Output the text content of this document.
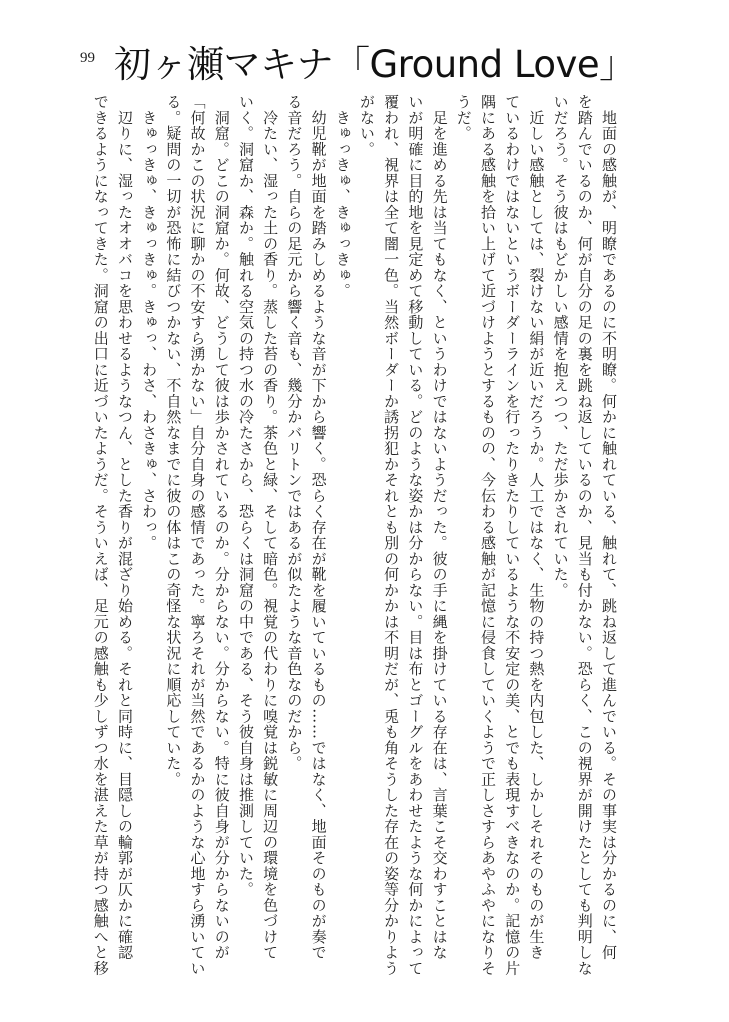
99 初ヶ瀬マキナ「Ground Love」
　地面の感触が、明瞭であるのに不明瞭。何かに触れている、触れて、跳ね返して進んでいる。その事実は分かるのに、何
を踏んでいるのか、何が自分の足の裏を跳ね返しているのか、見当も付かない。恐らく、この視界が開けたとしても判明しな
いだろう。そう彼はもどかしい感情を抱えつつ、ただ歩かされていた。
　近しい感触としては、裂けない絹が近いだろうか。人工ではなく、生物の持つ熱を内包した、しかしそれそのものが生き
ているわけではないというボーダーラインを行ったりきたりしているような不安定の美、とでも表現すべきなのか。記憶の片
隅にある感触を拾い上げて近づけようとするものの、今伝わる感触が記憶に侵食していくようで正しさすらあやふやになりそ
うだ。
　足を進める先は当てもなく、というわけではないようだった。彼の手に縄を掛けている存在は、言葉こそ交わすことはな
いが明確に目的地を見定めて移動している。どのような姿かは分からない。目は布とゴーグルをあわせたような何かによって
覆われ、視界は全て闇一色。当然ボーダーか誘拐犯かそれとも別の何かかは不明だが、兎も角そうした存在の姿等分かりよう
がない。
　きゅっきゅ、きゅっきゅ。
　幼児靴が地面を踏みしめるような音が下から響く。恐らく存在が靴を履いているもの……ではなく、地面そのものが奏で
る音だろう。自らの足元から響く音も、幾分かバリトンではあるが似たような音色なのだから。
　冷たい、湿った土の香り。蒸した苔の香り。茶色と緑、そして暗色。視覚の代わりに嗅覚は鋭敏に周辺の環境を色づけて
いく。洞窟か、森か。触れる空気の持つ水の冷たさから、恐らくは洞窟の中である、そう彼自身は推測していた。
　洞窟。どこの洞窟か。何故、どうして彼は歩かされているのか。分からない。分からない。特に彼自身が分からないのが
「何故かこの状況に聊かの不安すら湧かない」自分自身の感情であった。寧ろそれが当然であるかのような心地すら湧いてい
る。疑問の一切が恐怖に結びつかない、不自然なまでに彼の体はこの奇怪な状況に順応していた。
　きゅっきゅ、きゅっきゅ。きゅっ、わさ、わさきゅ、さわっ。
　辺りに、湿ったオオバコを思わせるようなつん、とした香りが混ざり始める。それと同時に、目隠しの輪郭が仄かに確認
できるようになってきた。洞窟の出口に近づいたようだ。そういえば、足元の感触も少しずつ水を湛えた草が持つ感触へと移
